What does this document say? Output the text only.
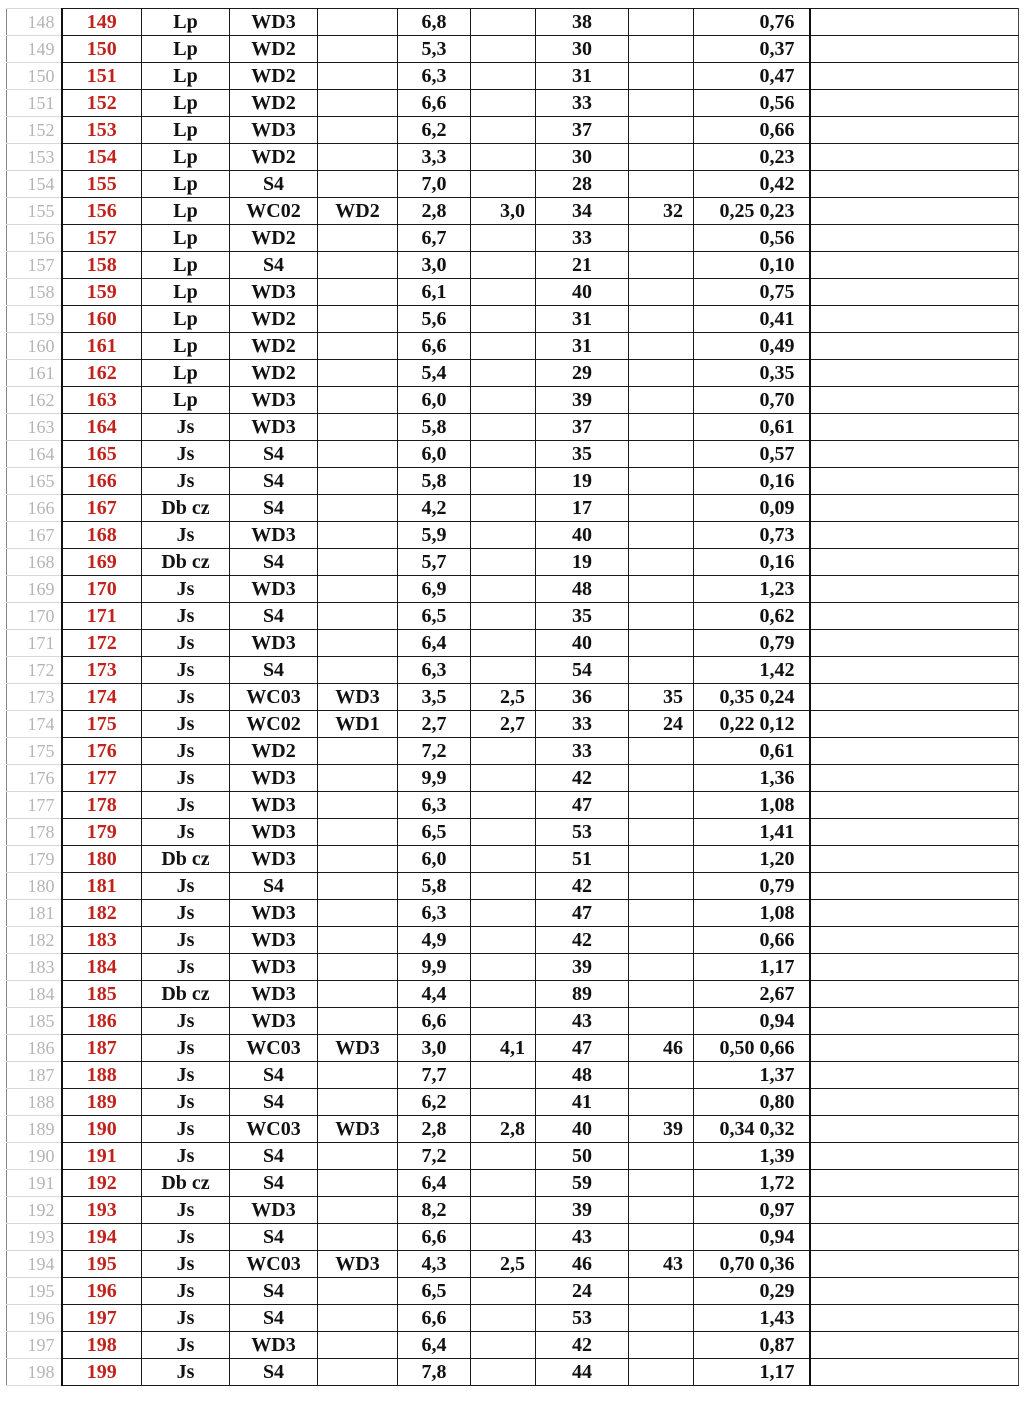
148	149	Lp	WD3		6,8		38		0,76	
149	150	Lp	WD2		5,3		30		0,37	
150	151	Lp	WD2		6,3		31		0,47	
151	152	Lp	WD2		6,6		33		0,56	
152	153	Lp	WD3		6,2		37		0,66	
153	154	Lp	WD2		3,3		30		0,23	
154	155	Lp	S4		7,0		28		0,42	
155	156	Lp	WC02	WD2	2,8	3,0	34	32	0,25 0,23	
156	157	Lp	WD2		6,7		33		0,56	
157	158	Lp	S4		3,0		21		0,10	
158	159	Lp	WD3		6,1		40		0,75	
159	160	Lp	WD2		5,6		31		0,41	
160	161	Lp	WD2		6,6		31		0,49	
161	162	Lp	WD2		5,4		29		0,35	
162	163	Lp	WD3		6,0		39		0,70	
163	164	Js	WD3		5,8		37		0,61	
164	165	Js	S4		6,0		35		0,57	
165	166	Js	S4		5,8		19		0,16	
166	167	Db cz	S4		4,2		17		0,09	
167	168	Js	WD3		5,9		40		0,73	
168	169	Db cz	S4		5,7		19		0,16	
169	170	Js	WD3		6,9		48		1,23	
170	171	Js	S4		6,5		35		0,62	
171	172	Js	WD3		6,4		40		0,79	
172	173	Js	S4		6,3		54		1,42	
173	174	Js	WC03	WD3	3,5	2,5	36	35	0,35 0,24	
174	175	Js	WC02	WD1	2,7	2,7	33	24	0,22 0,12	
175	176	Js	WD2		7,2		33		0,61	
176	177	Js	WD3		9,9		42		1,36	
177	178	Js	WD3		6,3		47		1,08	
178	179	Js	WD3		6,5		53		1,41	
179	180	Db cz	WD3		6,0		51		1,20	
180	181	Js	S4		5,8		42		0,79	
181	182	Js	WD3		6,3		47		1,08	
182	183	Js	WD3		4,9		42		0,66	
183	184	Js	WD3		9,9		39		1,17	
184	185	Db cz	WD3		4,4		89		2,67	
185	186	Js	WD3		6,6		43		0,94	
186	187	Js	WC03	WD3	3,0	4,1	47	46	0,50 0,66	
187	188	Js	S4		7,7		48		1,37	
188	189	Js	S4		6,2		41		0,80	
189	190	Js	WC03	WD3	2,8	2,8	40	39	0,34 0,32	
190	191	Js	S4		7,2		50		1,39	
191	192	Db cz	S4		6,4		59		1,72	
192	193	Js	WD3		8,2		39		0,97	
193	194	Js	S4		6,6		43		0,94	
194	195	Js	WC03	WD3	4,3	2,5	46	43	0,70 0,36	
195	196	Js	S4		6,5		24		0,29	
196	197	Js	S4		6,6		53		1,43	
197	198	Js	WD3		6,4		42		0,87	
198	199	Js	S4		7,8		44		1,17	
